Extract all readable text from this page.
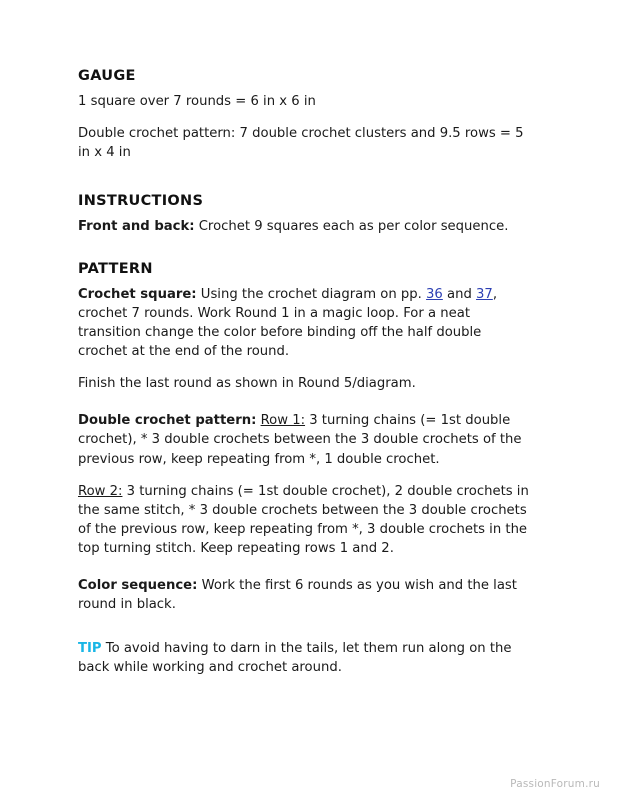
GAUGE

1 square over 7 rounds = 6 in x 6 in

Double crochet pattern: 7 double crochet clusters and 9.5 rows = 5 in x 4 in

INSTRUCTIONS

Front and back: Crochet 9 squares each as per color sequence.

PATTERN

Crochet square: Using the crochet diagram on pp. 36 and 37, crochet 7 rounds. Work Round 1 in a magic loop. For a neat transition change the color before binding off the half double crochet at the end of the round.

Finish the last round as shown in Round 5/diagram.

Double crochet pattern: Row 1: 3 turning chains (= 1st double crochet), * 3 double crochets between the 3 double crochets of the previous row, keep repeating from *, 1 double crochet.

Row 2: 3 turning chains (= 1st double crochet), 2 double crochets in the same stitch, * 3 double crochets between the 3 double crochets of the previous row, keep repeating from *, 3 double crochets in the top turning stitch. Keep repeating rows 1 and 2.

Color sequence: Work the first 6 rounds as you wish and the last round in black.

TIP To avoid having to darn in the tails, let them run along on the back while working and crochet around.

PassionForum.ru
